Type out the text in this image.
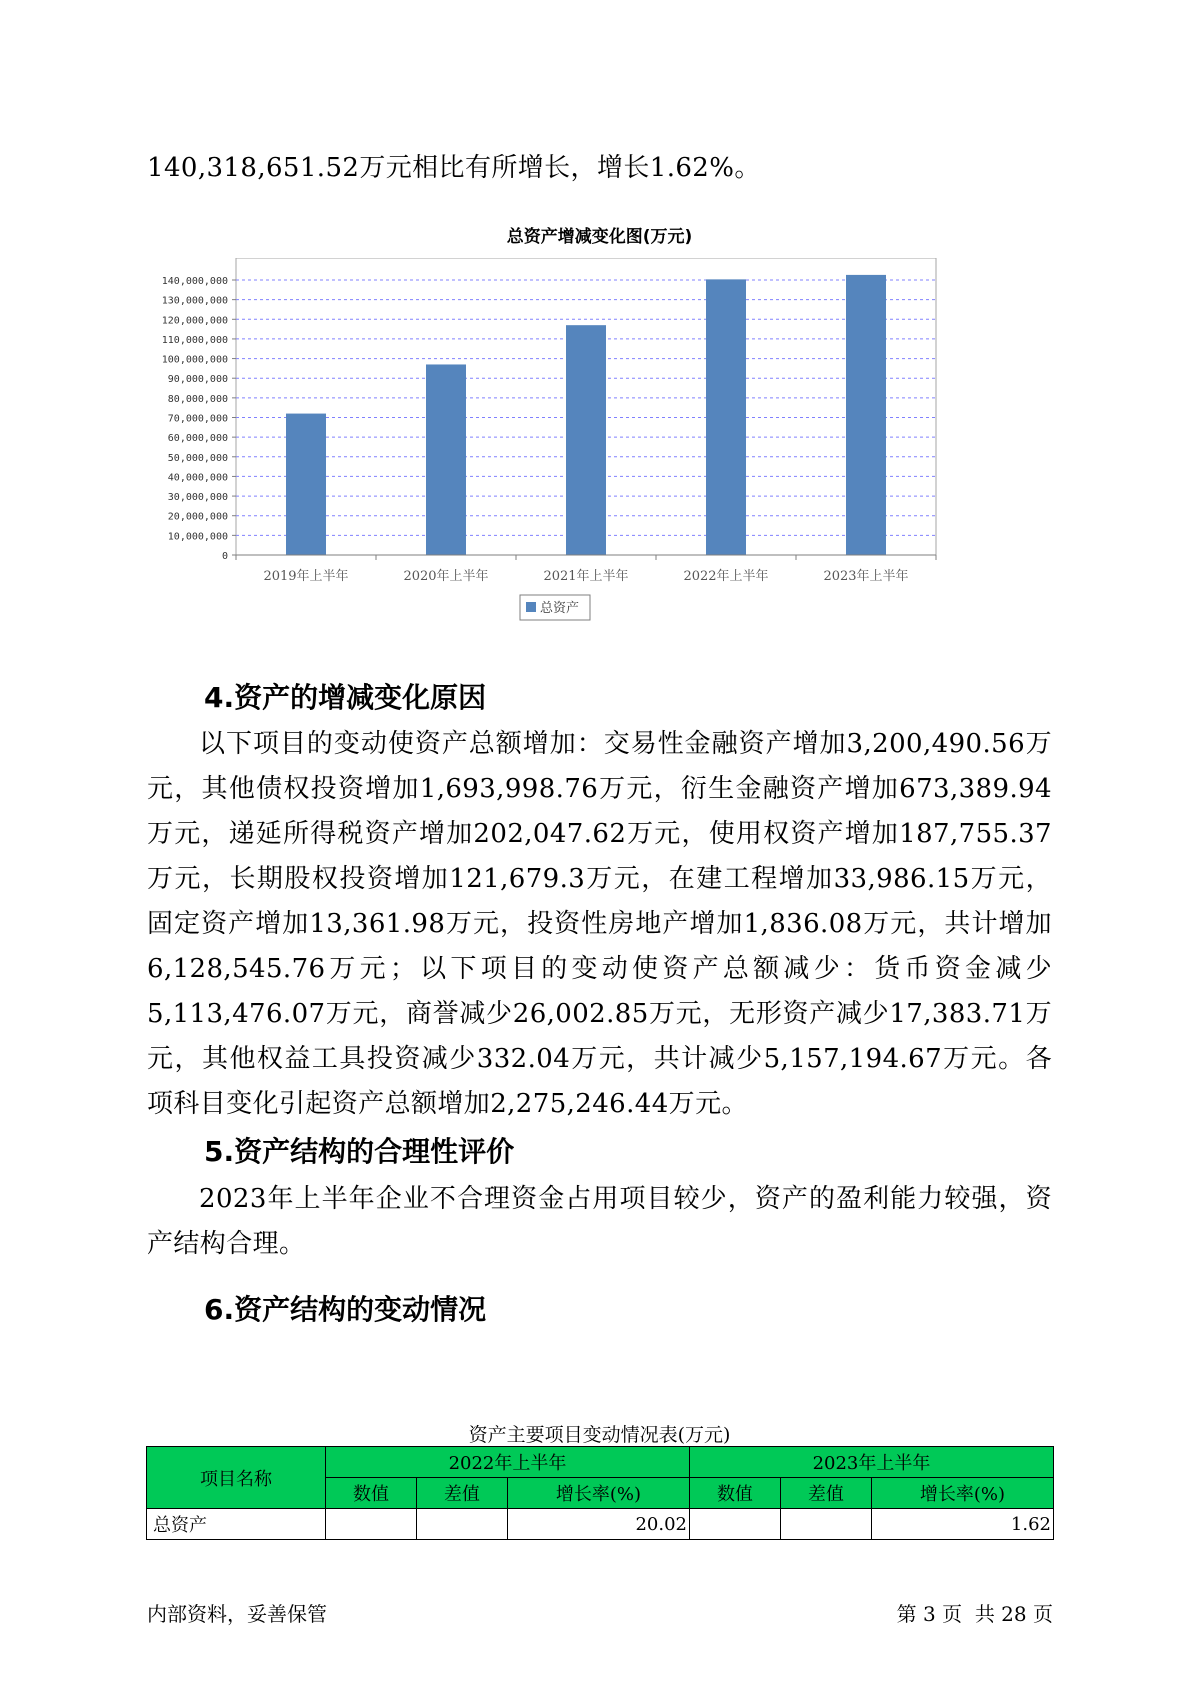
140,318,651.52万元相比有所增长，增长1.62%。

总资产增减变化图(万元)
0
10,000,000
20,000,000
30,000,000
40,000,000
50,000,000
60,000,000
70,000,000
80,000,000
90,000,000
100,000,000
110,000,000
120,000,000
130,000,000
140,000,000
2019年上半年	2020年上半年	2021年上半年	2022年上半年	2023年上半年
总资产
4.资产的增减变化原因

以下项目的变动使资产总额增加：交易性金融资产增加3,200,490.56万元，其他债权投资增加1,693,998.76万元，衍生金融资产增加673,389.94万元，递延所得税资产增加202,047.62万元，使用权资产增加187,755.37万元，长期股权投资增加121,679.3万元，在建工程增加33,986.15万元，固定资产增加13,361.98万元，投资性房地产增加1,836.08万元，共计增加6,128,545.76万元；以下项目的变动使资产总额减少：货币资金减少5,113,476.07万元，商誉减少26,002.85万元，无形资产减少17,383.71万元，其他权益工具投资减少332.04万元，共计减少5,157,194.67万元。各项科目变化引起资产总额增加2,275,246.44万元。

5.资产结构的合理性评价

2023年上半年企业不合理资金占用项目较少，资产的盈利能力较强，资产结构合理。

6.资产结构的变动情况
资产主要项目变动情况表(万元)
项目名称	2022年上半年			2023年上半年		
	数值	差值	增长率(%)	数值	差值	增长率(%)
总资产			20.02			1.62
内部资料，妥善保管	第 3 页  共 28 页
